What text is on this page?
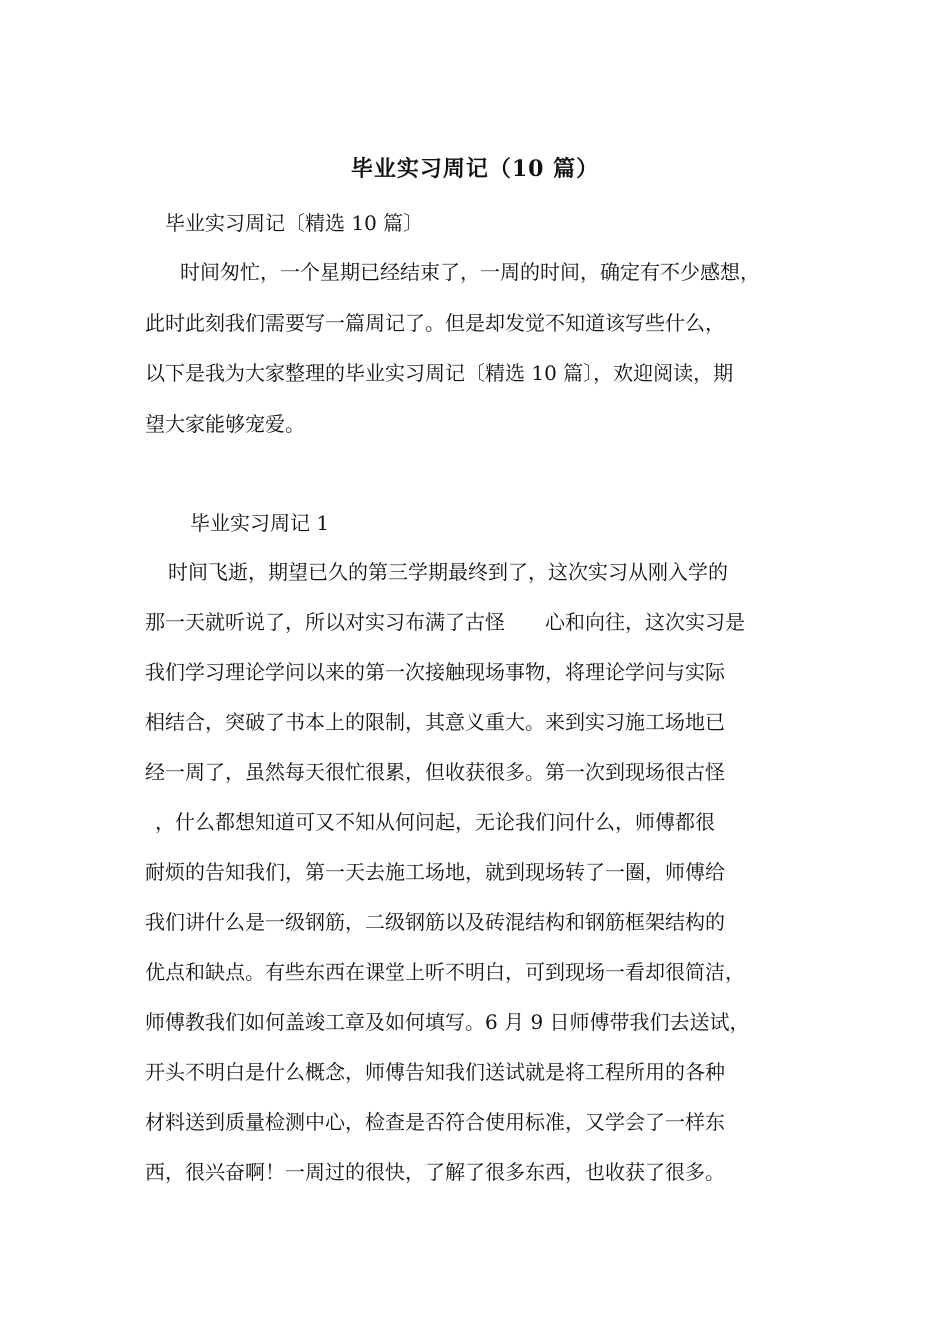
毕业实习周记（10 篇）
毕业实习周记〔精选 10 篇〕
时间匆忙，一个星期已经结束了，一周的时间，确定有不少感想，
此时此刻我们需要写一篇周记了。但是却发觉不知道该写些什么，
以下是我为大家整理的毕业实习周记〔精选 10 篇〕，欢迎阅读，期
望大家能够宠爱。
毕业实习周记 1
时间飞逝，期望已久的第三学期最终到了，这次实习从刚入学的
那一天就听说了，所以对实习布满了古怪　　心和向往，这次实习是
我们学习理论学问以来的第一次接触现场事物，将理论学问与实际
相结合，突破了书本上的限制，其意义重大。来到实习施工场地已
经一周了，虽然每天很忙很累，但收获很多。第一次到现场很古怪
，什么都想知道可又不知从何问起，无论我们问什么，师傅都很
耐烦的告知我们，第一天去施工场地，就到现场转了一圈，师傅给
我们讲什么是一级钢筋，二级钢筋以及砖混结构和钢筋框架结构的
优点和缺点。有些东西在课堂上听不明白，可到现场一看却很简洁，
师傅教我们如何盖竣工章及如何填写。6 月 9 日师傅带我们去送试，
开头不明白是什么概念，师傅告知我们送试就是将工程所用的各种
材料送到质量检测中心，检查是否符合使用标准，又学会了一样东
西，很兴奋啊！一周过的很快，了解了很多东西，也收获了很多。
